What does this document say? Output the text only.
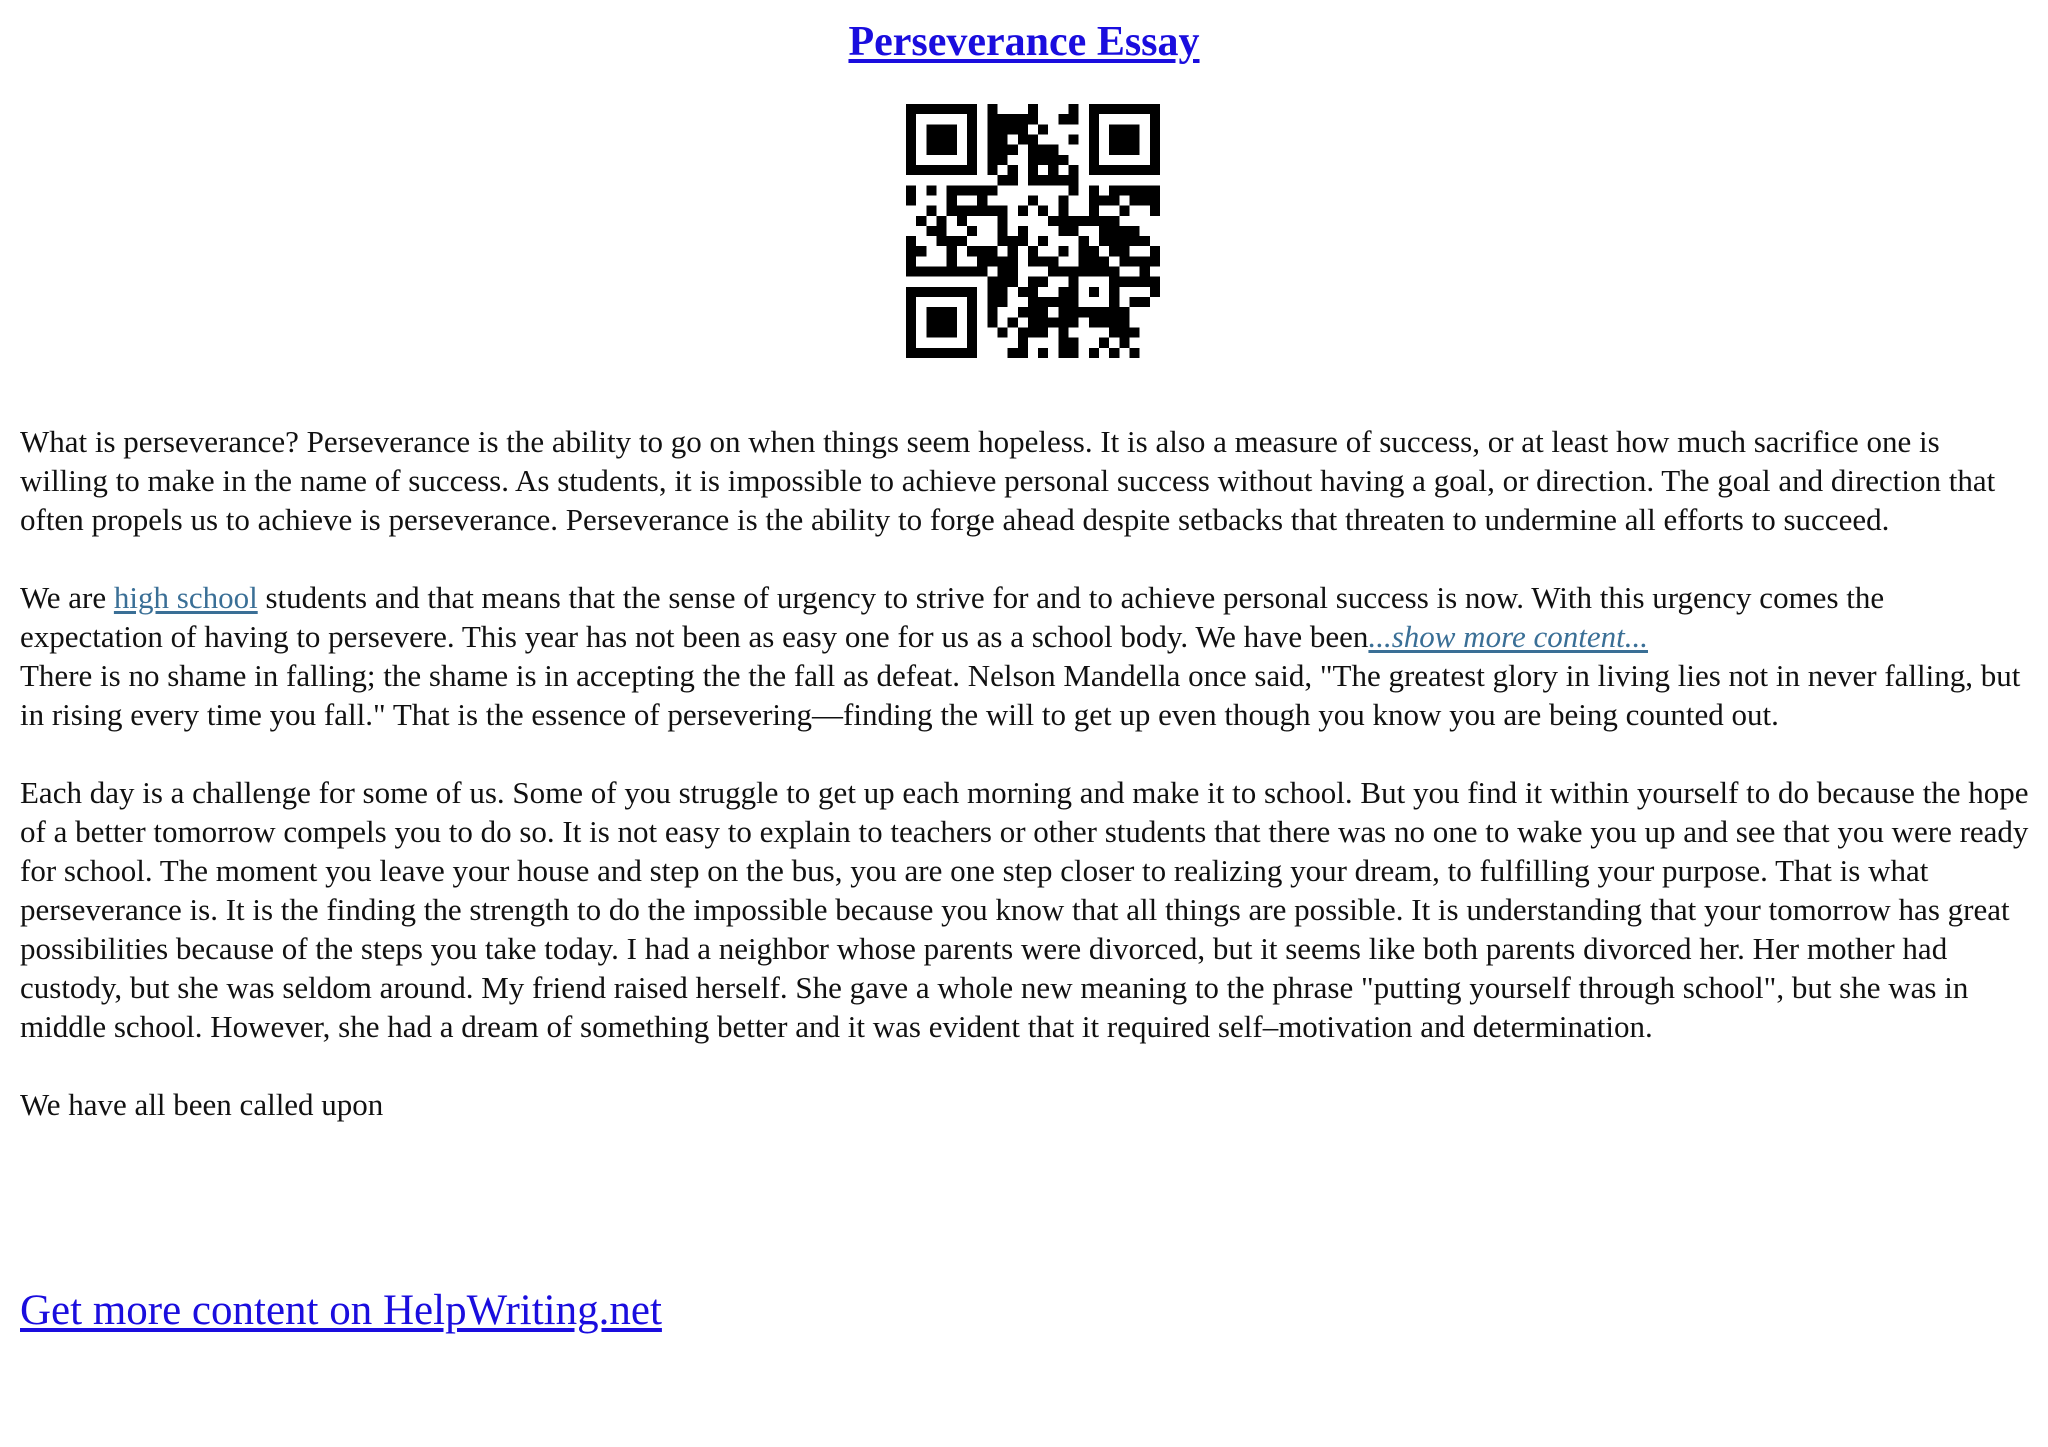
Perseverance Essay

What is perseverance? Perseverance is the ability to go on when things seem hopeless. It is also a measure of success, or at least how much sacrifice one is willing to make in the name of success. As students, it is impossible to achieve personal success without having a goal, or direction. The goal and direction that often propels us to achieve is perseverance. Perseverance is the ability to forge ahead despite setbacks that threaten to undermine all efforts to succeed.

We are high school students and that means that the sense of urgency to strive for and to achieve personal success is now. With this urgency comes the expectation of having to persevere. This year has not been as easy one for us as a school body. We have been...show more content...

There is no shame in falling; the shame is in accepting the the fall as defeat. Nelson Mandella once said, "The greatest glory in living lies not in never falling, but in rising every time you fall." That is the essence of persevering—finding the will to get up even though you know you are being counted out.

Each day is a challenge for some of us. Some of you struggle to get up each morning and make it to school. But you find it within yourself to do because the hope of a better tomorrow compels you to do so. It is not easy to explain to teachers or other students that there was no one to wake you up and see that you were ready for school. The moment you leave your house and step on the bus, you are one step closer to realizing your dream, to fulfilling your purpose. That is what perseverance is. It is the finding the strength to do the impossible because you know that all things are possible. It is understanding that your tomorrow has great possibilities because of the steps you take today. I had a neighbor whose parents were divorced, but it seems like both parents divorced her. Her mother had custody, but she was seldom around. My friend raised herself. She gave a whole new meaning to the phrase "putting yourself through school", but she was in middle school. However, she had a dream of something better and it was evident that it required self–motivation and determination.

We have all been called upon

Get more content on HelpWriting.net
